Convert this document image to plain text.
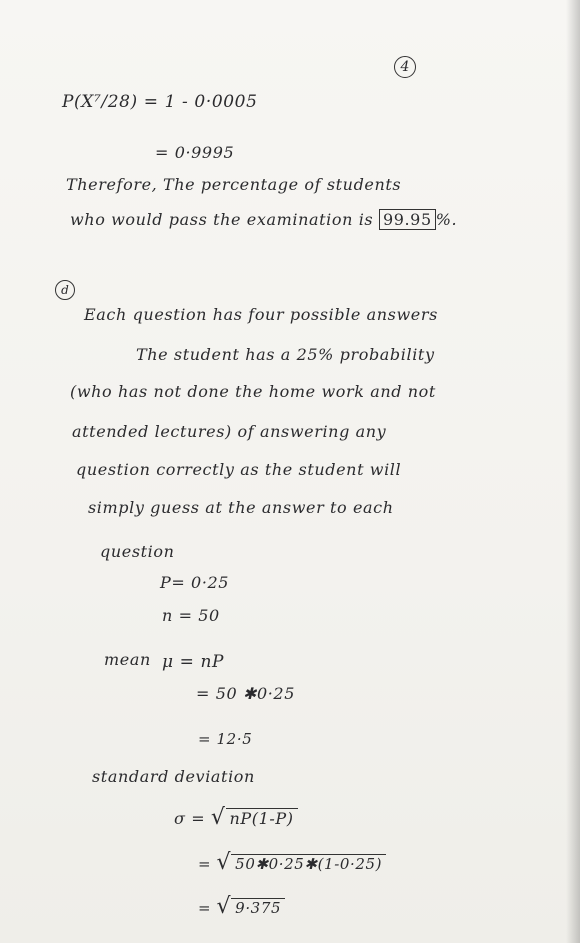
4
P(X⁷/28) = 1 - 0·0005
= 0·9995
Therefore, The percentage of students
who would pass the examination is 99.95 %.
d
Each question has four possible answers
The student has a 25% probability
(who has not done the home work and not
attended lectures) of answering any
question correctly as the student will
simply guess at the answer to each
question
P= 0·25
n = 50
mean μ = nP
= 50 ✱0·25
= 12·5
standard deviation
σ = √ nP(1-P)
= √ 50✱0·25✱(1-0·25)
= √ 9·375
